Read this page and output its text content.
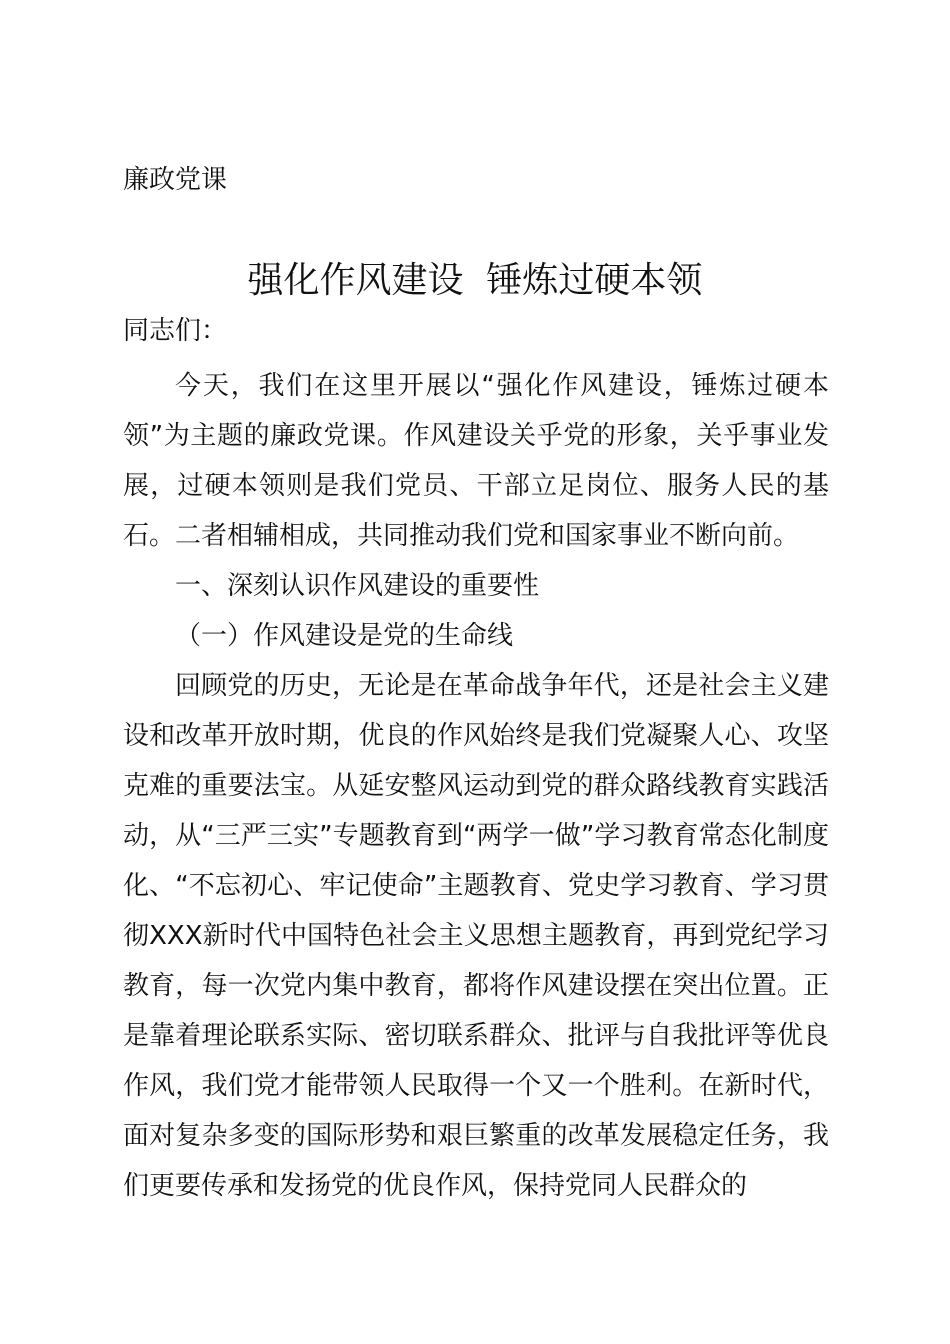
廉政党课
强化作风建设  锤炼过硬本领
同志们：

今天，我们在这里开展以“强化作风建设，锤炼过硬本领”为主题的廉政党课。作风建设关乎党的形象，关乎事业发展，过硬本领则是我们党员、干部立足岗位、服务人民的基石。二者相辅相成，共同推动我们党和国家事业不断向前。

一、深刻认识作风建设的重要性

（一）作风建设是党的生命线

回顾党的历史，无论是在革命战争年代，还是社会主义建设和改革开放时期，优良的作风始终是我们党凝聚人心、攻坚克难的重要法宝。从延安整风运动到党的群众路线教育实践活动，从“三严三实”专题教育到“两学一做”学习教育常态化制度化、“不忘初心、牢记使命”主题教育、党史学习教育、学习贯彻XXX新时代中国特色社会主义思想主题教育，再到党纪学习教育，每一次党内集中教育，都将作风建设摆在突出位置。正是靠着理论联系实际、密切联系群众、批评与自我批评等优良作风，我们党才能带领人民取得一个又一个胜利。在新时代，面对复杂多变的国际形势和艰巨繁重的改革发展稳定任务，我们更要传承和发扬党的优良作风，保持党同人民群众的
